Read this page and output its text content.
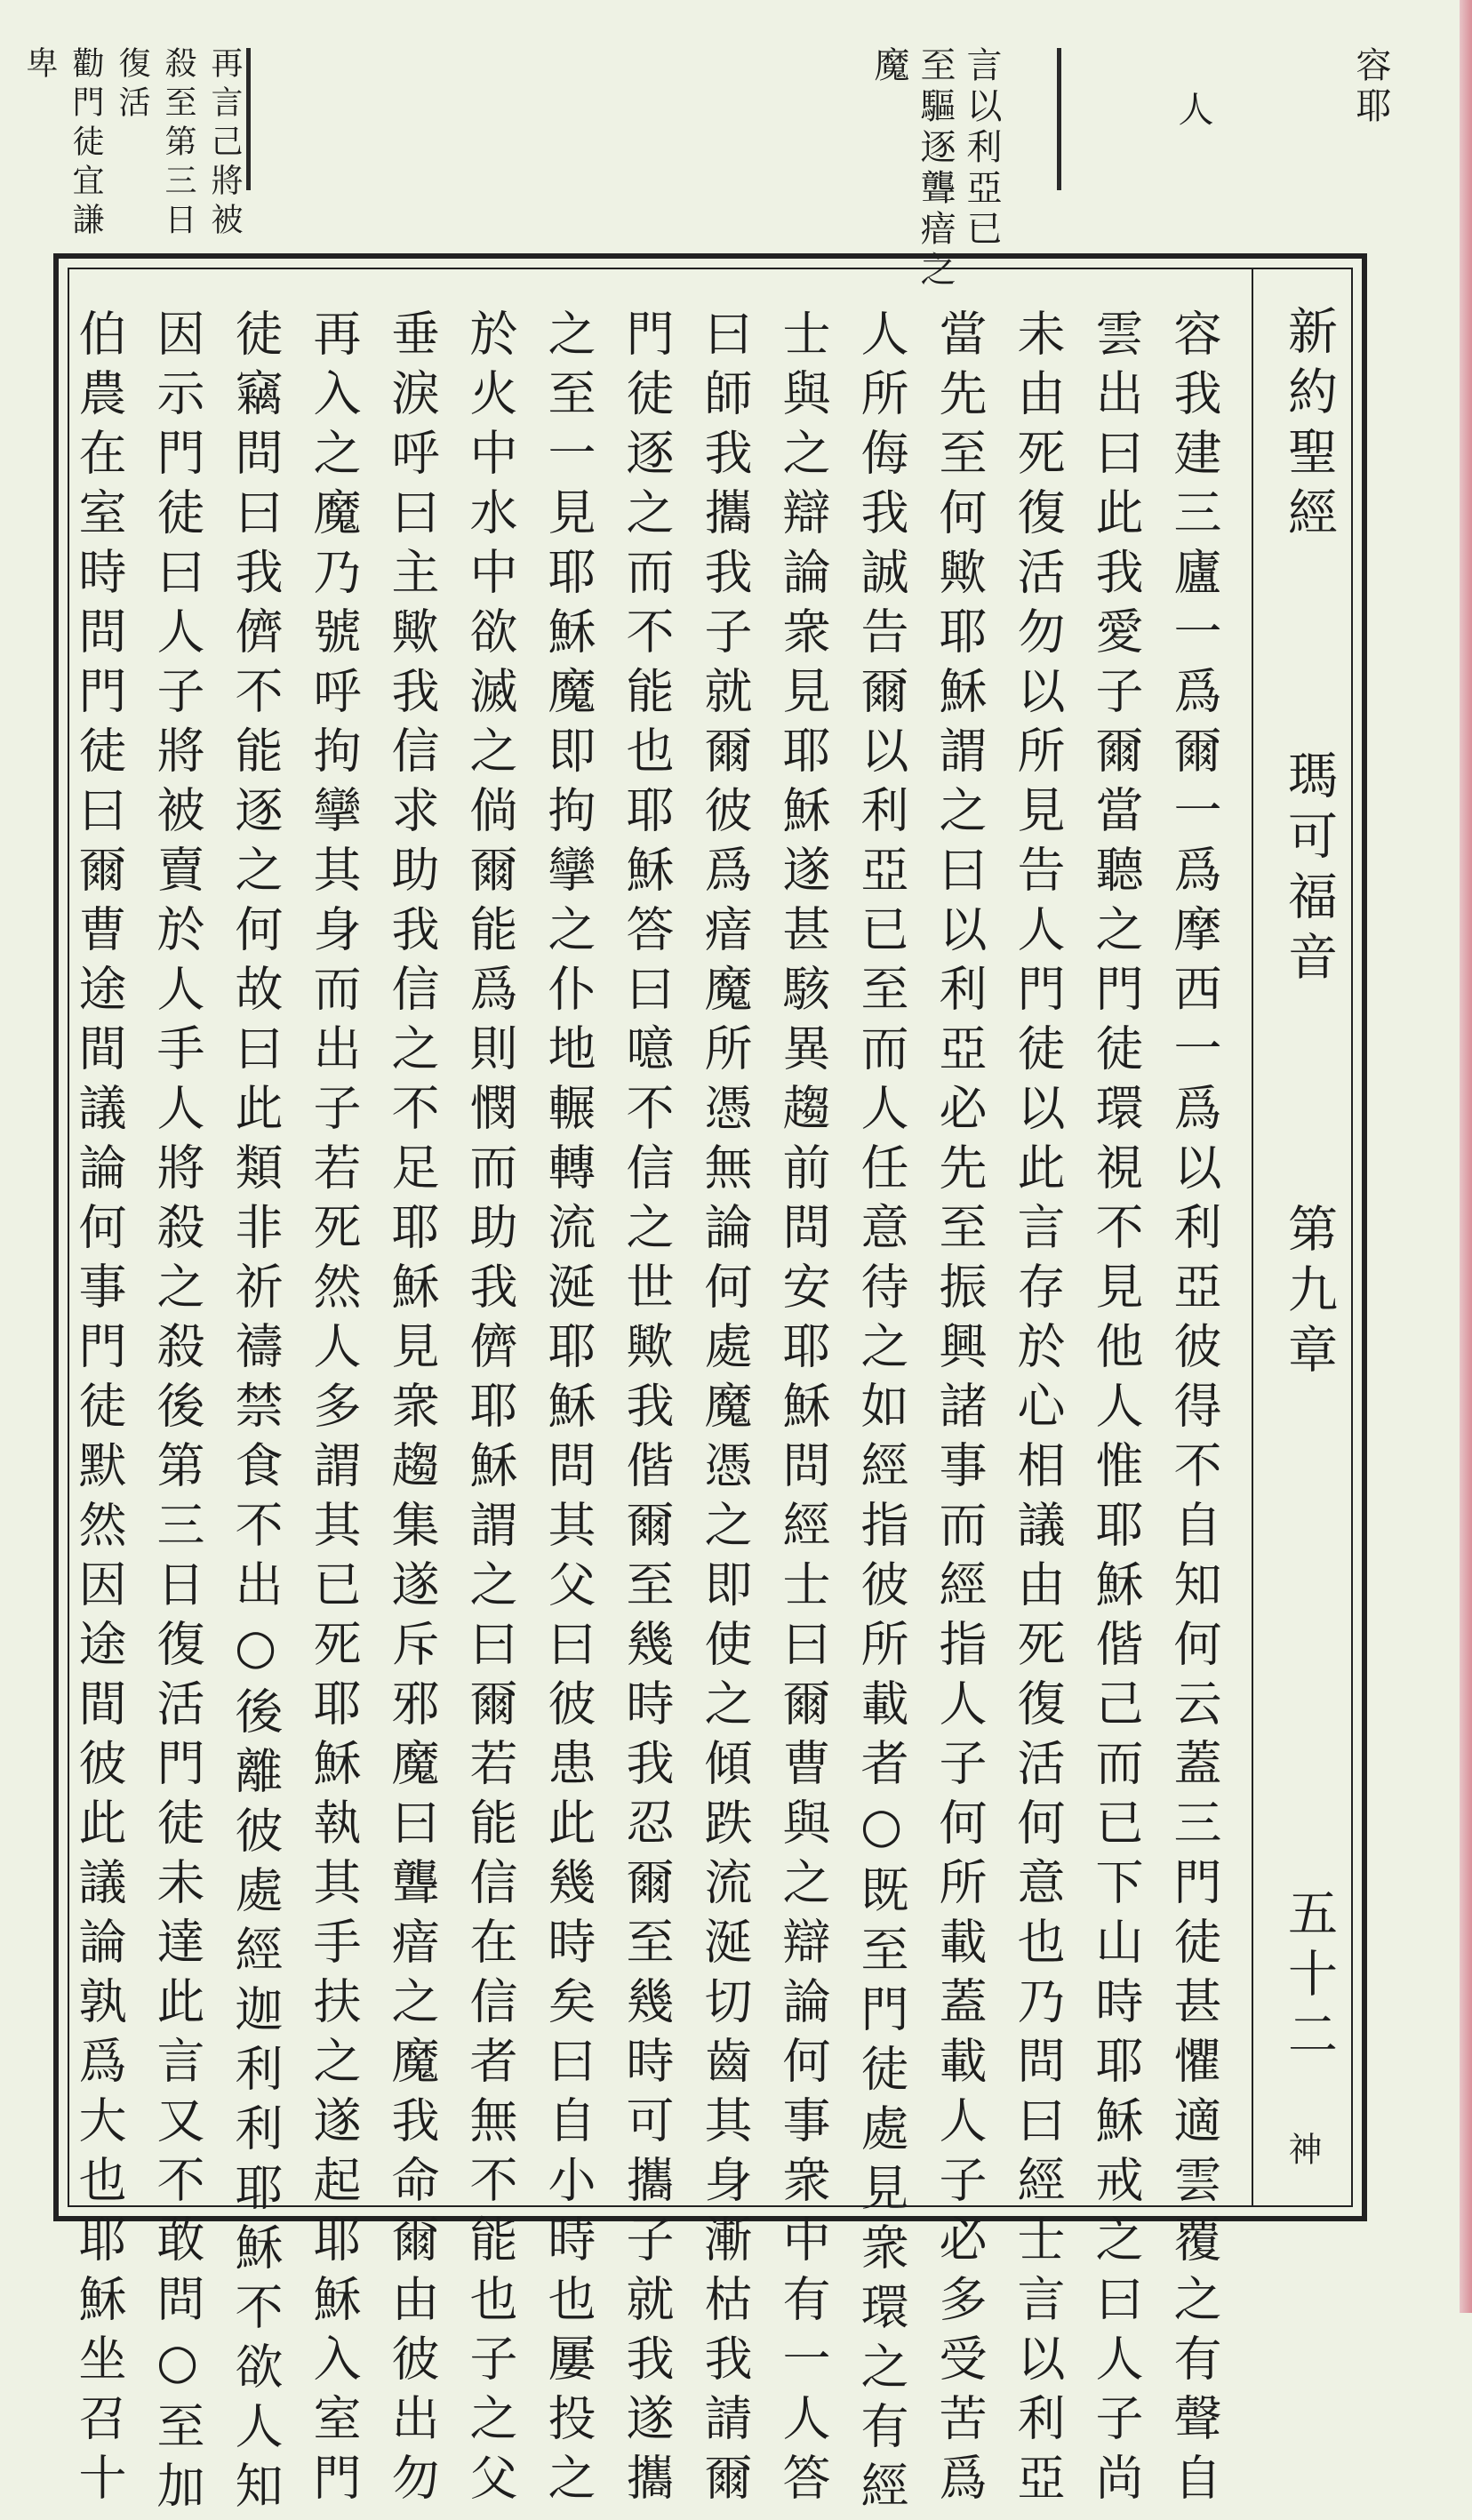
容耶
人
言以利亞已
至驅逐聾瘖之
魔
再言己將被
殺至第三日
復活
勸門徒宜謙
卑
新約聖經
瑪可福音
第九章
五十二
神
容我建三廬一爲爾一爲摩西一爲以利亞彼得不自知何云蓋三門徒甚懼適雲覆之有聲自
雲出曰此我愛子爾當聽之門徒環視不見他人惟耶穌偕己而已下山時耶穌戒之曰人子尚
未由死復活勿以所見告人門徒以此言存於心相議由死復活何意也乃問曰經士言以利亞
當先至何歟耶穌謂之曰以利亞必先至振興諸事而經指人子何所載蓋載人子必多受苦爲
人所侮我誠告爾以利亞已至而人任意待之如經指彼所載者○既至門徒處見衆環之有經
士與之辯論衆見耶穌遂甚駭異趨前問安耶穌問經士曰爾曹與之辯論何事衆中有一人答
曰師我攜我子就爾彼爲瘖魔所憑無論何處魔憑之即使之傾跌流涎切齒其身漸枯我請爾
門徒逐之而不能也耶穌答曰噫不信之世歟我偕爾至幾時我忍爾至幾時可攜子就我遂攜
之至一見耶穌魔即拘攣之仆地輾轉流涎耶穌問其父曰彼患此幾時矣曰自小時也屢投之
於火中水中欲滅之倘爾能爲則憫而助我儕耶穌謂之曰爾若能信在信者無不能也子之父
垂淚呼曰主歟我信求助我信之不足耶穌見衆趨集遂斥邪魔曰聾瘖之魔我命爾由彼出勿
再入之魔乃號呼拘攣其身而出子若死然人多謂其已死耶穌執其手扶之遂起耶穌入室門
徒竊問曰我儕不能逐之何故曰此類非祈禱禁食不出○後離彼處經迦利利耶穌不欲人知
因示門徒曰人子將被賣於人手人將殺之殺後第三日復活門徒未達此言又不敢問○至加
伯農在室時問門徒曰爾曹途間議論何事門徒默然因途間彼此議論孰爲大也耶穌坐召十
